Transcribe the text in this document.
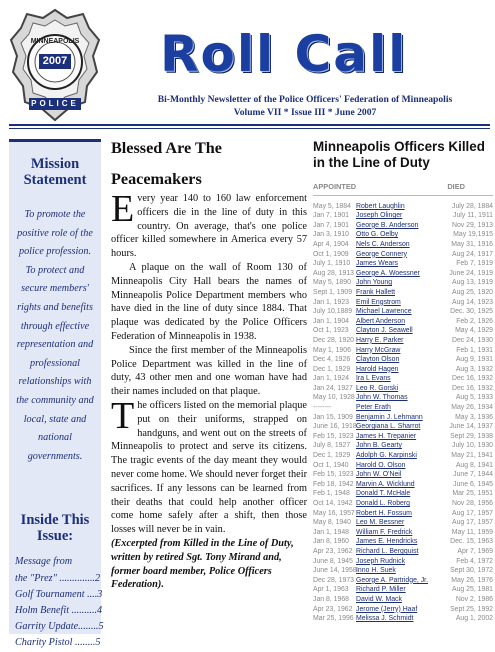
MINNEAPOLIS
2007
POLICE
Roll Call
Bi-Monthly Newsletter of the Police Officers' Federation of Minneapolis
Volume VII * Issue III * June 2007
Mission Statement
To promote the positive role of the police profession. To protect and secure members' rights and benefits through effective representation and professional relationships with the community and local, state and national governments.
Inside This Issue:
Message from
the "Prez" ..............2
Golf Tournament ....3
Holm Benefit ..........4
Garrity Update........5
Charity Pistol ........5
Blessed Are The
Peacemakers

Every year 140 to 160 law enforcement officers die in the line of duty in this country. On average, that's one police officer killed somewhere in America every 57 hours.

A plaque on the wall of Room 130 of Minneapolis City Hall bears the names of Minneapolis Police Department members who have died in the line of duty since 1884. That plaque was dedicated by the Police Officers Federation of Minneapolis in 1938.

Since the first member of the Minneapolis Police Department was killed in the line of duty, 43 other men and one woman have had their names included on that plaque.

The officers listed on the memorial plaque put on their uniforms, strapped on handguns, and went out on the streets of Minneapolis to protect and serve its citizens. The tragic events of the day meant they would never come home. We should never forget their sacrifices. If any lessons can be learned from their deaths that could help another officer come home safely after a shift, then those losses will never be in vain.

(Excerpted from Killed in the Line of Duty, written by retired Sgt. Tony Mirand and, former board member, Police Officers Federation).

Minneapolis Officers Killed in the Line of Duty
APPOINTED	DIED
May 5, 1884 Robert Laughlin	July 28, 1884
Jan 7, 1901	Joseph Olinger	July 11, 1911
Jan 7, 1901	George B. Anderson	Nov 29, 1913
Jan 3, 1910	Otto G. Oelby	May 19,1915
Apr 4, 1904	Nels C. Anderson	May 31, 1916
Oct 1, 1909	George Connery	Aug 24, 1917
July 1, 1910 James Wears	Feb 7, 1919
Aug 28, 1913 George A. Woessner	June 24, 1919
May 5, 1890 John Young	Aug 13, 1919
Sept 1, 1909 Frank Hallett	Aug 25, 1920
Jan 1, 1923	Emil Engstrom	Aug 14, 1923
July 10,1889 Michael Lawrence	Dec. 30, 1925
Jan 1, 1904	Albert Anderson	Feb 2, 1926
Oct 1, 1923	Clayton J. Seawell	May 4, 1929
Dec 28, 1920 Harry E. Parker	Dec 24, 1930
May 1, 1906 Harry McGraw	Feb 1, 1931
Dec 4, 1926 Clayton Olson	Aug 9, 1931
Dec 1, 1929 Harold Hagen	Aug 3, 1932
Jan 1, 1924	Ira L Evans	Dec 16, 1932
Jan 24, 1927 Leo R. Gorski	Dec 16, 1932
May 10, 1928 John W. Thomas	Aug 5, 1933
--------	Peter Erath	May 26, 1934
Jan 15, 1909 Benjamin J. Lehmann	May 3, 1936
June 16, 1918 Georgiana L. Sharrot	June 14, 1937
Feb 15, 1923 James H. Trepanier	Sept 29, 1938
July 8, 1927 John B. Gearty	July 10, 1930
Dec 1, 1929 Adolph G. Karpinski	May 21, 1941
Oct 1, 1940	Harold O. Olson	Aug 8, 1941
Feb 15, 1923 John W. O'Neil	June 7, 1944
Feb 18, 1942 Marvin A. Wicklund	June 6, 1945
Feb 1, 1948 Donald T. McHale	Mar 25, 1951
Oct 14, 1942 Donald L. Roberg	Nov 28, 1956
May 16, 1957 Robert H. Fossum	Aug 17, 1957
May 8, 1940 Leo M. Bessner	Aug 17, 1957
Jan 1, 1948	William F. Fredrick	May 11, 1959
Jan 8, 1960	James E. Hendricks	Dec. 15, 1963
Apr 23, 1962 Richard L. Bergquist	Apr 7, 1969
June 8, 1945 Joseph Rudnick	Feb 4, 1972
June 14, 1958 Inno H. Suek	Sept 30, 1972
Dec 28, 1973 George A. Partridge, Jr.	May 26, 1976
Apr 1, 1963	Richard P. Miller	Aug 25, 1981
Jan 8, 1968	David W. Mack	Nov 2, 1986
Apr 23, 1962 Jerome (Jerry) Haaf	Sept 25, 1992
Mar 25, 1996 Melissa J. Schmidt	Aug 1, 2002
